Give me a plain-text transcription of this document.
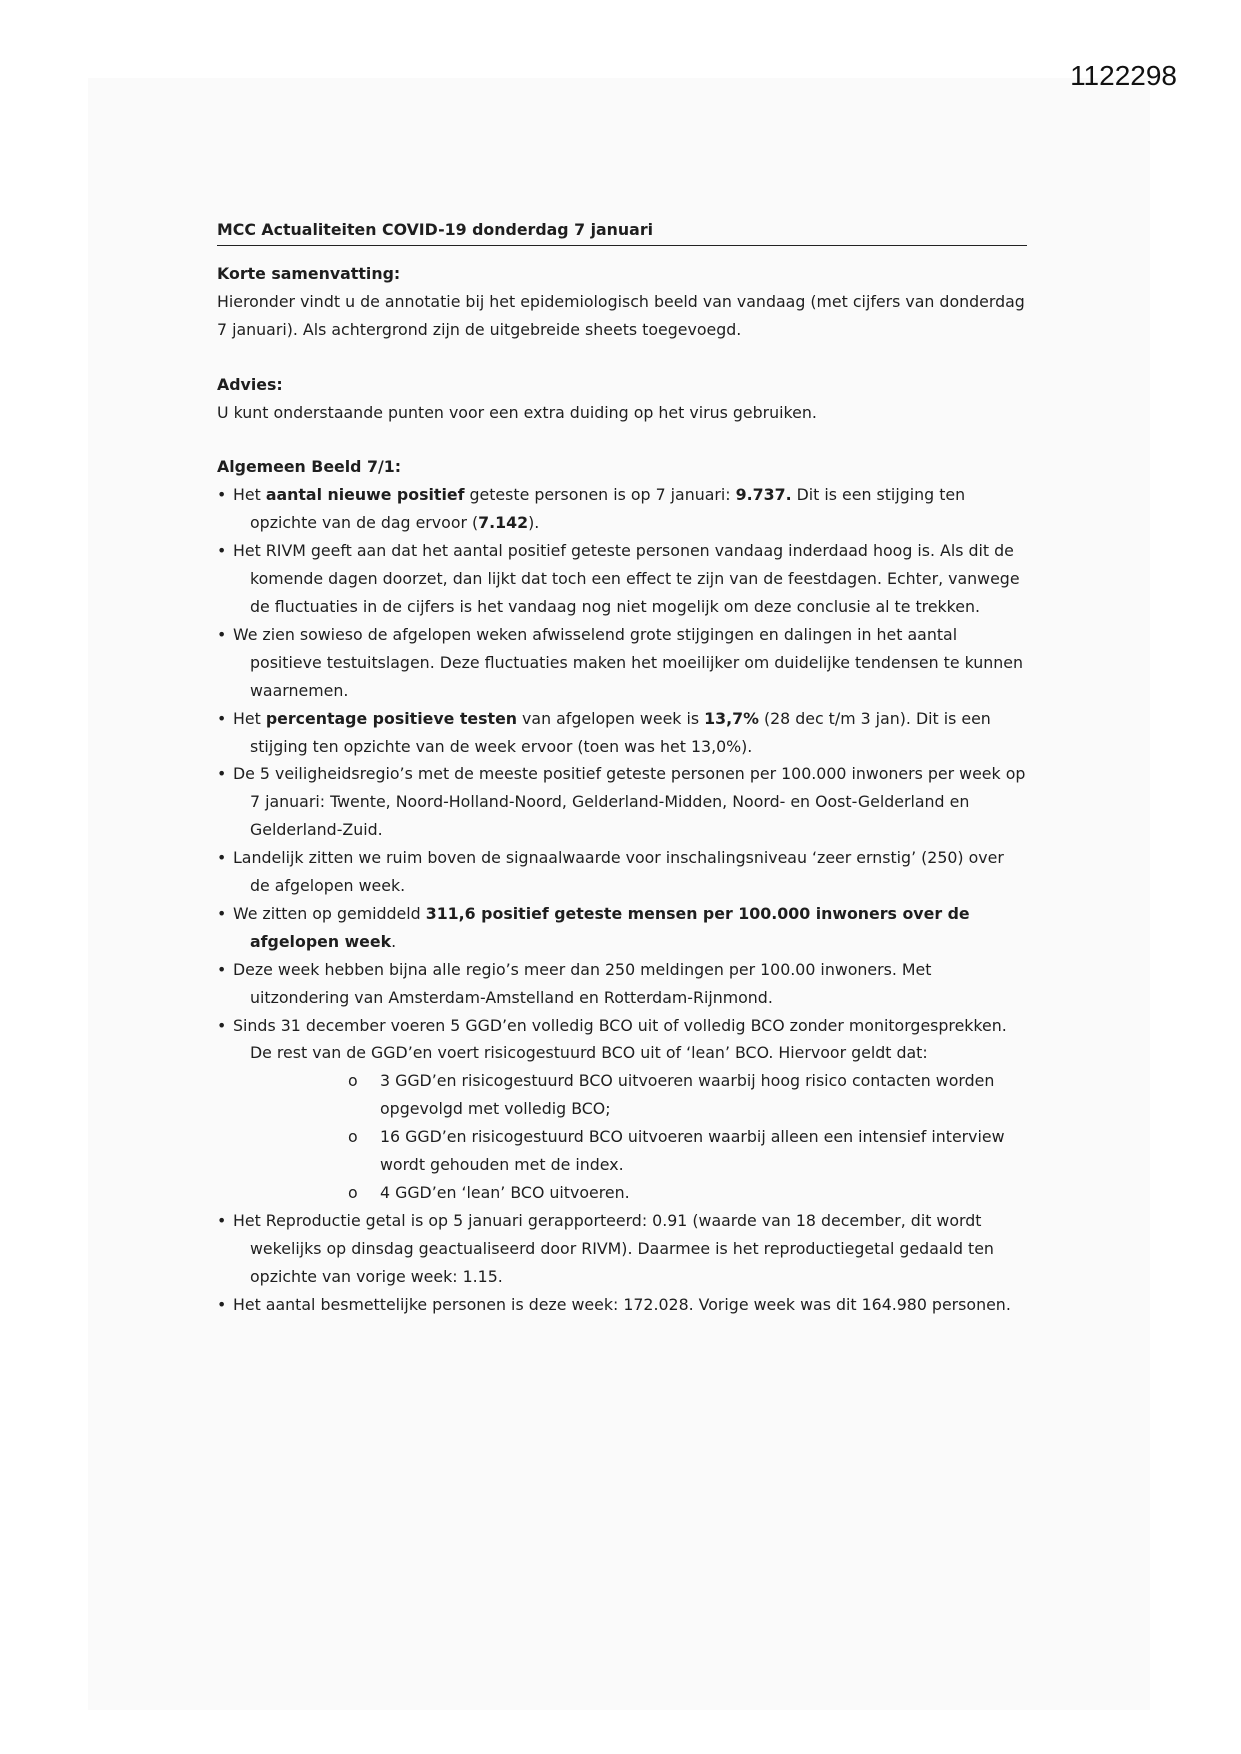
1122298
MCC Actualiteiten COVID-19 donderdag 7 januari

Korte samenvatting:

Hieronder vindt u de annotatie bij het epidemiologisch beeld van vandaag (met cijfers van donderdag 7 januari). Als achtergrond zijn de uitgebreide sheets toegevoegd.

Advies:

U kunt onderstaande punten voor een extra duiding op het virus gebruiken.

Algemeen Beeld 7/1:

• Het aantal nieuwe positief geteste personen is op 7 januari: 9.737. Dit is een stijging ten opzichte van de dag ervoor (7.142).
• Het RIVM geeft aan dat het aantal positief geteste personen vandaag inderdaad hoog is. Als dit de komende dagen doorzet, dan lijkt dat toch een effect te zijn van de feestdagen. Echter, vanwege de fluctuaties in de cijfers is het vandaag nog niet mogelijk om deze conclusie al te trekken.
• We zien sowieso de afgelopen weken afwisselend grote stijgingen en dalingen in het aantal positieve testuitslagen. Deze fluctuaties maken het moeilijker om duidelijke tendensen te kunnen waarnemen.
• Het percentage positieve testen van afgelopen week is 13,7% (28 dec t/m 3 jan). Dit is een stijging ten opzichte van de week ervoor (toen was het 13,0%).
• De 5 veiligheidsregio’s met de meeste positief geteste personen per 100.000 inwoners per week op 7 januari: Twente, Noord-Holland-Noord, Gelderland-Midden, Noord- en Oost-Gelderland en Gelderland-Zuid.
• Landelijk zitten we ruim boven de signaalwaarde voor inschalingsniveau ‘zeer ernstig’ (250) over de afgelopen week.
• We zitten op gemiddeld 311,6 positief geteste mensen per 100.000 inwoners over de afgelopen week.
• Deze week hebben bijna alle regio’s meer dan 250 meldingen per 100.00 inwoners. Met uitzondering van Amsterdam-Amstelland en Rotterdam-Rijnmond.
• Sinds 31 december voeren 5 GGD’en volledig BCO uit of volledig BCO zonder monitorgesprekken. De rest van de GGD’en voert risicogestuurd BCO uit of ‘lean’ BCO. Hiervoor geldt dat:
o 3 GGD’en risicogestuurd BCO uitvoeren waarbij hoog risico contacten worden opgevolgd met volledig BCO;
o 16 GGD’en risicogestuurd BCO uitvoeren waarbij alleen een intensief interview wordt gehouden met de index.
o 4 GGD’en ‘lean’ BCO uitvoeren.
• Het Reproductie getal is op 5 januari gerapporteerd: 0.91 (waarde van 18 december, dit wordt wekelijks op dinsdag geactualiseerd door RIVM). Daarmee is het reproductiegetal gedaald ten opzichte van vorige week: 1.15.
• Het aantal besmettelijke personen is deze week: 172.028. Vorige week was dit 164.980 personen.
